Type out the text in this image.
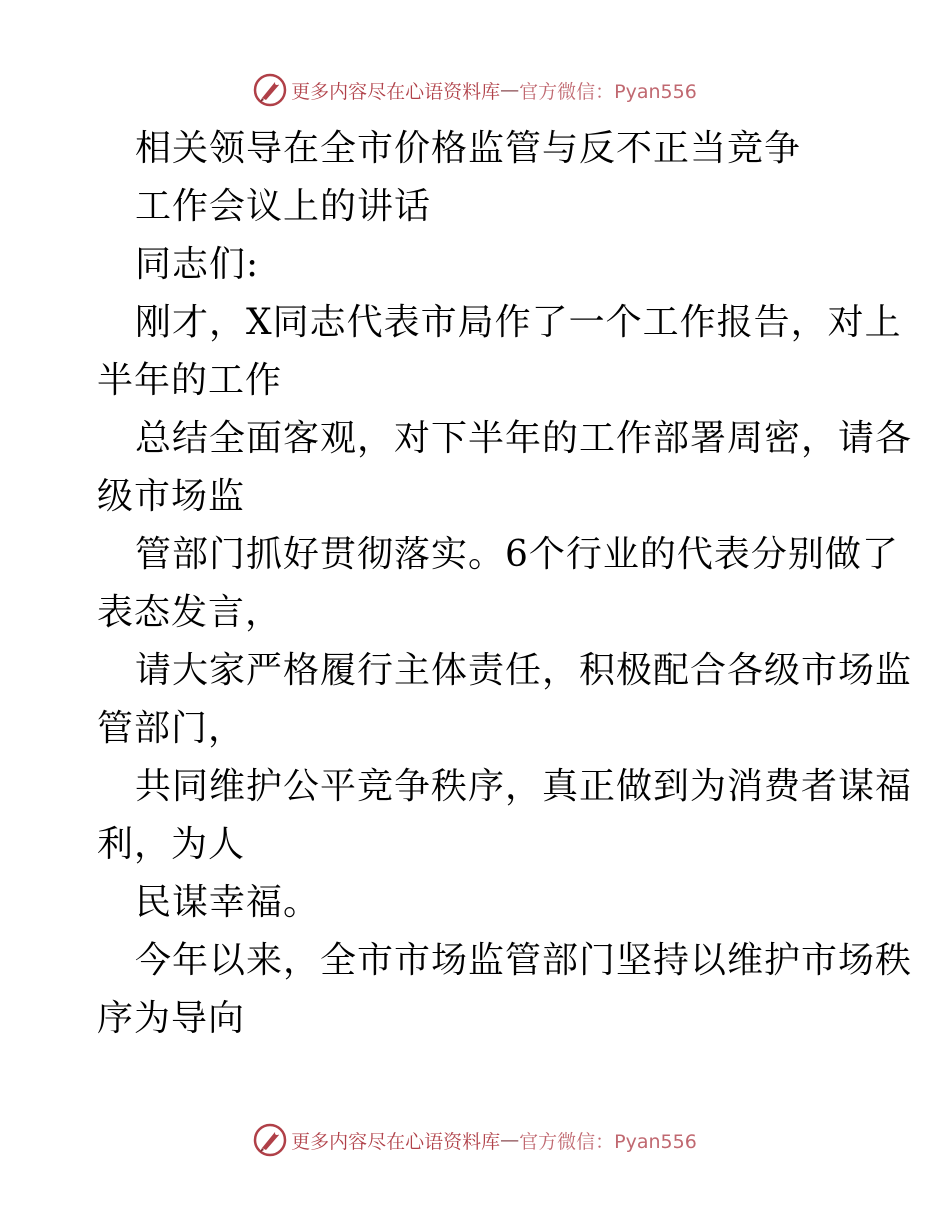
更多内容尽在心语资料库 — 官方微信：Pyan556
相关领导在全市价格监管与反不正当竞争
工作会议上的讲话
同志们:
刚才，X同志代表市局作了一个工作报告，对上
半年的工作
总结全面客观，对下半年的工作部署周密，请各
级市场监
管部门抓好贯彻落实。6个行业的代表分别做了
表态发言，
请大家严格履行主体责任，积极配合各级市场监
管部门，
共同维护公平竞争秩序，真正做到为消费者谋福
利，为人
民谋幸福。
今年以来，全市市场监管部门坚持以维护市场秩
序为导向
更多内容尽在心语资料库 — 官方微信：Pyan556
